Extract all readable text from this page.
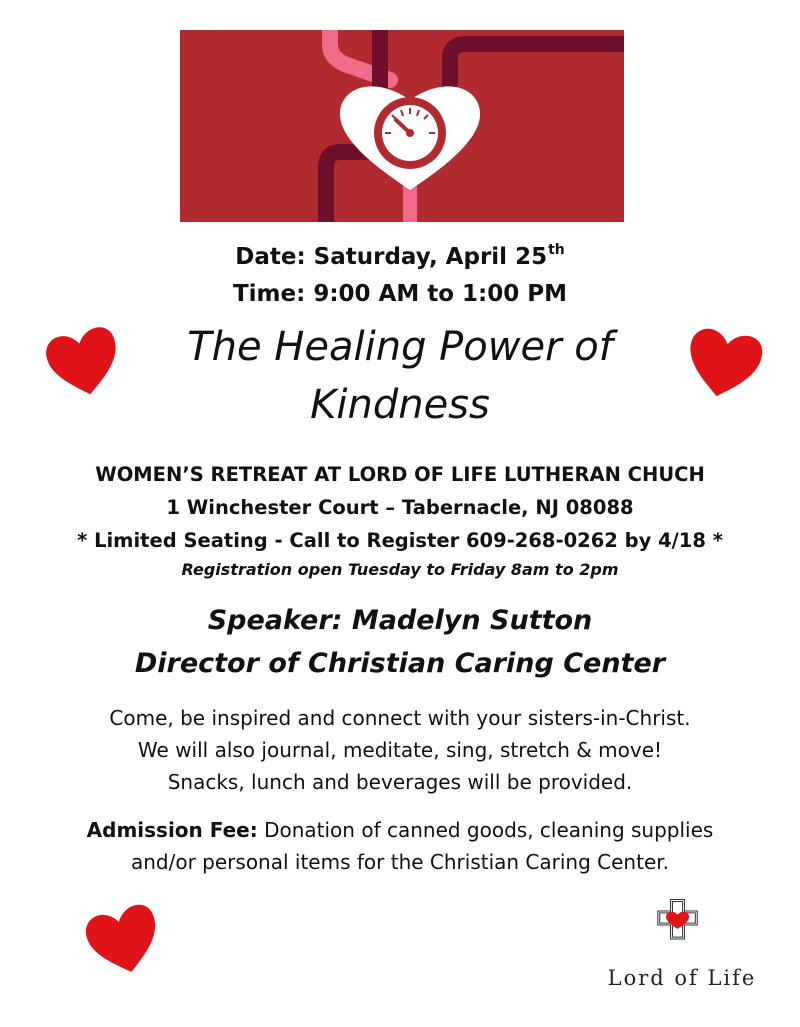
Date: Saturday, April 25th
Time: 9:00 AM to 1:00 PM
The Healing Power of
Kindness
WOMEN’S RETREAT AT LORD OF LIFE LUTHERAN CHUCH
1 Winchester Court – Tabernacle, NJ 08088
* Limited Seating - Call to Register 609-268-0262 by 4/18 *
Registration open Tuesday to Friday 8am to 2pm
Speaker: Madelyn Sutton
Director of Christian Caring Center
Come, be inspired and connect with your sisters-in-Christ.
We will also journal, meditate, sing, stretch & move!
Snacks, lunch and beverages will be provided.
Admission Fee: Donation of canned goods, cleaning supplies
and/or personal items for the Christian Caring Center.
Lord of Life
